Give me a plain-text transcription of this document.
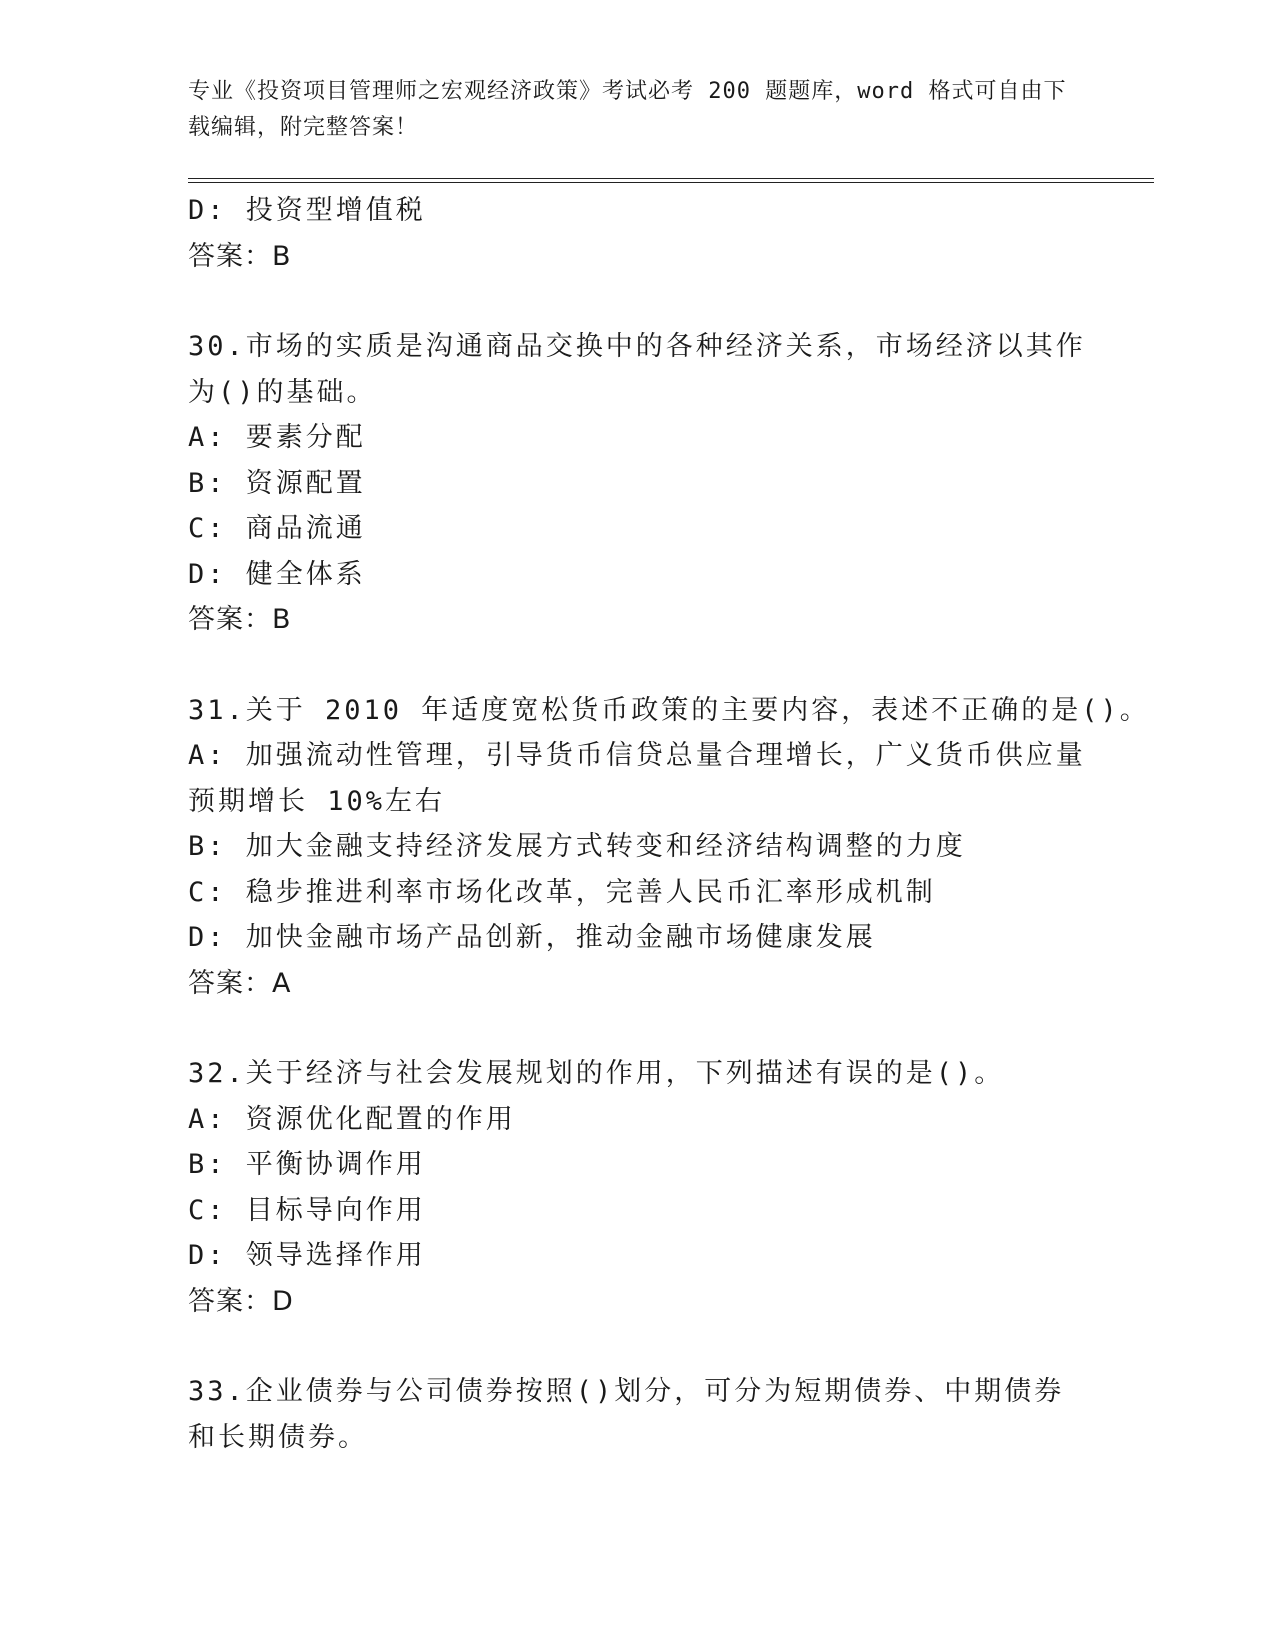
专业《投资项目管理师之宏观经济政策》考试必考 200 题题库，word 格式可自由下载编辑，附完整答案！
D: 投资型增值税
答案：B
30.市场的实质是沟通商品交换中的各种经济关系，市场经济以其作为()的基础。
A: 要素分配
B: 资源配置
C: 商品流通
D: 健全体系
答案：B
31.关于 2010 年适度宽松货币政策的主要内容，表述不正确的是()。
A: 加强流动性管理，引导货币信贷总量合理增长，广义货币供应量预期增长 10%左右
B: 加大金融支持经济发展方式转变和经济结构调整的力度
C: 稳步推进利率市场化改革，完善人民币汇率形成机制
D: 加快金融市场产品创新，推动金融市场健康发展
答案：A
32.关于经济与社会发展规划的作用，下列描述有误的是()。
A: 资源优化配置的作用
B: 平衡协调作用
C: 目标导向作用
D: 领导选择作用
答案：D
33.企业债券与公司债券按照()划分，可分为短期债券、中期债券和长期债券。
